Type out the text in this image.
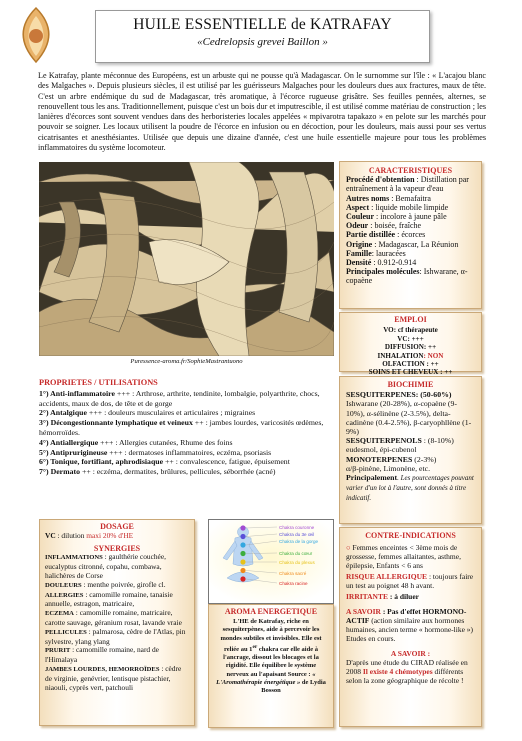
HUILE ESSENTIELLE de KATRAFAY
«Cedrelopsis grevei Baillon »
Le Katrafay, plante méconnue des Européens, est un arbuste qui ne pousse qu'à Madagascar. On le surnomme sur l'île : « L'acajou blanc des Malgaches ». Depuis plusieurs siècles, il est utilisé par les guérisseurs Malgaches pour les douleurs dues aux fractures, maux de tête. C'est un arbre endémique du sud de Madagascar, très aromatique, à l'écorce rugueuse grisâtre. Ses feuilles pennées, alternes, se renouvellent tous les ans. Traditionnellement, puisque c'est un bois dur et imputrescible, il est utilisé comme matériau de construction ; les lanières d'écorces sont souvent vendues dans des herboristeries locales appelées « mpivarotra tapakazo » en pelote sur les marchés pour pouvoir se soigner. Les locaux utilisent la poudre de l'écorce en infusion ou en décoction, pour les douleurs, mais aussi pour ses vertus cicatrisantes et anesthésiantes. Utilisée que depuis une dizaine d'année, c'est une huile essentielle majeure pour tous les problèmes inflammatoires du système locomoteur.
Puressence-aroma.fr/SophieMastrantuono
CARACTERISTIQUES
Procédé d'obtention : Distillation par entraînement à la vapeur d'eau
Autres noms : Bemafaitra
Aspect : liquide mobile limpide
Couleur : incolore à jaune pâle
Odeur : boisée, fraîche
Partie distillée : écorces
Origine : Madagascar, La Réunion
Famille: lauracées
Densité : 0.912-0.914
Principales molécules: Ishwarane, α-copaène
EMPLOI
VO: cf thérapeute
VC: +++
DIFFUSION: ++
INHALATION: NON
OLFACTION : ++
SOINS ET CHEVEUX : ++
BIOCHIMIE
SESQUITERPENES: (50-60%)
Ishwarane (20-28%), α-copaène (9-10%), α-sélinène (2-3.5%), delta-cadinène (0.4-2.5%), β-caryophllène (1-9%)
SESQUITERPENOLS : (8-10%)
eudesmol, épi-cubenol
MONOTERPENES (2-3%)
α/β-pinène, Limonène, etc.
Principalement. Les pourcentages pouvant varier d'un lot à l'autre, sont donnés à titre indicatif.
CONTRE-INDICATIONS
○ Femmes enceintes < 3ème mois de grossesse, femmes allaitantes, asthme, épilepsie, Enfants < 6 ans
RISQUE ALLERGIQUE : toujours faire un test au poignet 48 h avant.
IRRITANTE : à diluer
A SAVOIR : Pas d'effet HORMONO-ACTIF (action similaire aux hormones humaines, ancien terme « hormone-like ») Etudes en cours.
A SAVOIR :
D'après une étude du CIRAD réalisée en 2008 Il existe 4 chémotypes différents selon la zone géographique de récolte !
PROPRIETES / UTILISATIONS
1°) Anti-inflammatoire +++ : Arthrose, arthrite, tendinite, lombalgie, polyarthrite, chocs, accidents, maux de dos, de tête et de gorge
2°) Antalgique +++ : douleurs musculaires et articulaires ; migraines
3°) Décongestionnante lymphatique et veineux ++ : jambes lourdes, varicosités œdèmes, hémorroïdes.
4°) Antiallergique +++ : Allergies cutanées, Rhume des foins
5°) Antiprurigineuse +++ : dermatoses inflammatoires, eczéma, psoriasis
6°) Tonique, fortifiant, aphrodisiaque ++ : convalescence, fatigue, épuisement
7°) Dermato ++ : eczéma, dermatites, brûlures, pellicules, séborrhée (acné)
DOSAGE
VC : dilution maxi 20% d'HE
SYNERGIES
INFLAMMATIONS : gaulthérie couchée, eucalyptus citronné, copahu, combawa, halichères de Corse
DOULEURS : menthe poivrée, girofle cl.
ALLERGIES : camomille romaine, tanaisie annuelle, estragon, matricaire,
ECZEMA : camomille romaine, matricaire, carotte sauvage, géranium rosat, lavande vraie
PELLICULES : palmarosa, cèdre de l'Atlas, pin sylvestre, ylang ylang
PRURIT : camomille romaine, nard de l'Himalaya
JAMBES LOURDES, HEMORROÏDES : cèdre de virginie, genévrier, lentisque pistachier, niaouli, cyprès vert, patchouli
Chakra couronne
Chakra du 3e œil
Chakra de la gorge
Chakra du cœur
Chakra du plexus
Chakra sacré
Chakra racine
AROMA ENERGETIQUE
L'HE de Katrafay, riche en sesquiterpènes, aide à percevoir les mondes subtiles et invisibles. Elle est reliée au 1er chakra car elle aide à l'ancrage, dissout les blocages et la rigidité. Elle équilibre le système nerveux au l'apaisant Source : « L'Aromathérapie énergétique » de Lydia Bosson
